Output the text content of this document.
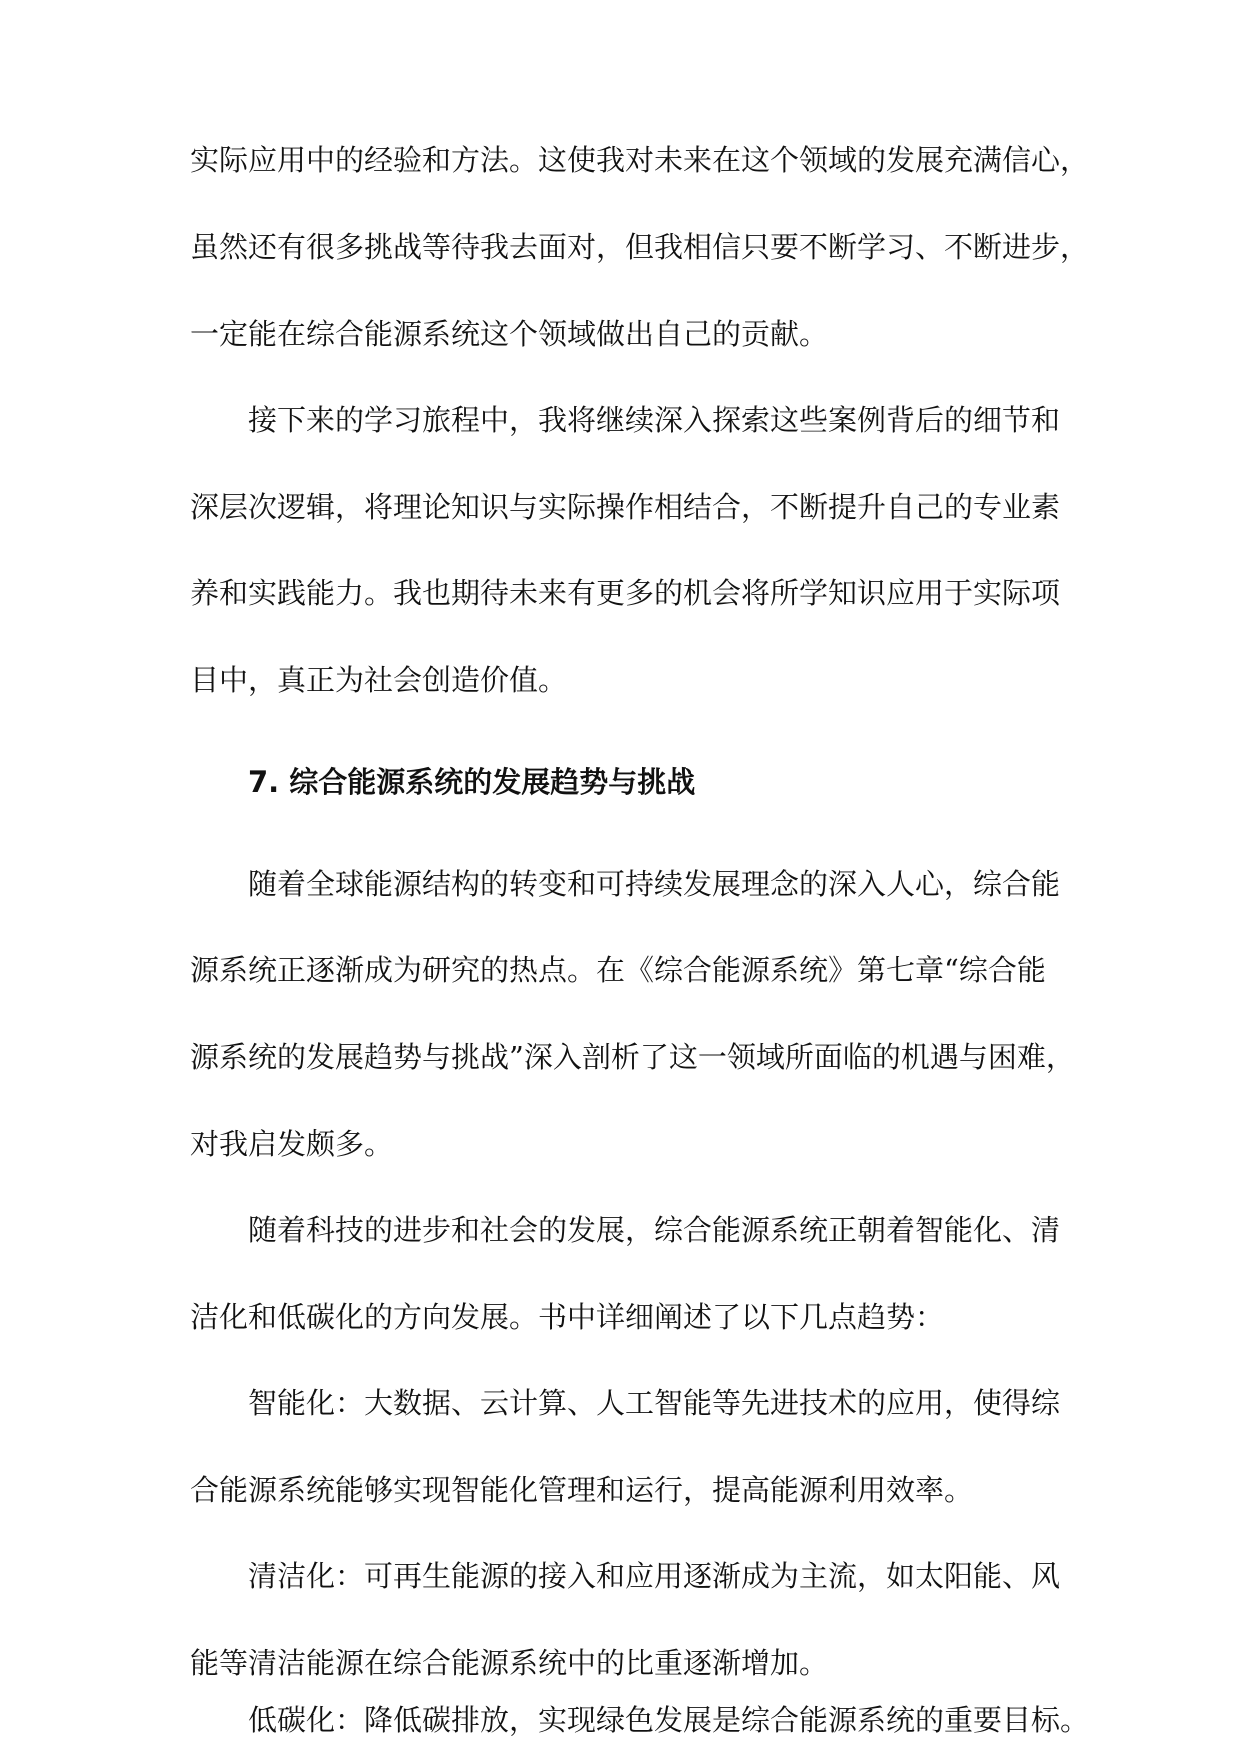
实际应用中的经验和方法。这使我对未来在这个领域的发展充满信心，
虽然还有很多挑战等待我去面对，但我相信只要不断学习、不断进步，
一定能在综合能源系统这个领域做出自己的贡献。
接下来的学习旅程中，我将继续深入探索这些案例背后的细节和
深层次逻辑，将理论知识与实际操作相结合，不断提升自己的专业素
养和实践能力。我也期待未来有更多的机会将所学知识应用于实际项
目中，真正为社会创造价值。
7. 综合能源系统的发展趋势与挑战
随着全球能源结构的转变和可持续发展理念的深入人心，综合能
源系统正逐渐成为研究的热点。在《综合能源系统》第七章“综合能
源系统的发展趋势与挑战”深入剖析了这一领域所面临的机遇与困难，
对我启发颇多。
随着科技的进步和社会的发展，综合能源系统正朝着智能化、清
洁化和低碳化的方向发展。书中详细阐述了以下几点趋势：
智能化：大数据、云计算、人工智能等先进技术的应用，使得综
合能源系统能够实现智能化管理和运行，提高能源利用效率。
清洁化：可再生能源的接入和应用逐渐成为主流，如太阳能、风
能等清洁能源在综合能源系统中的比重逐渐增加。
低碳化：降低碳排放，实现绿色发展是综合能源系统的重要目标。
